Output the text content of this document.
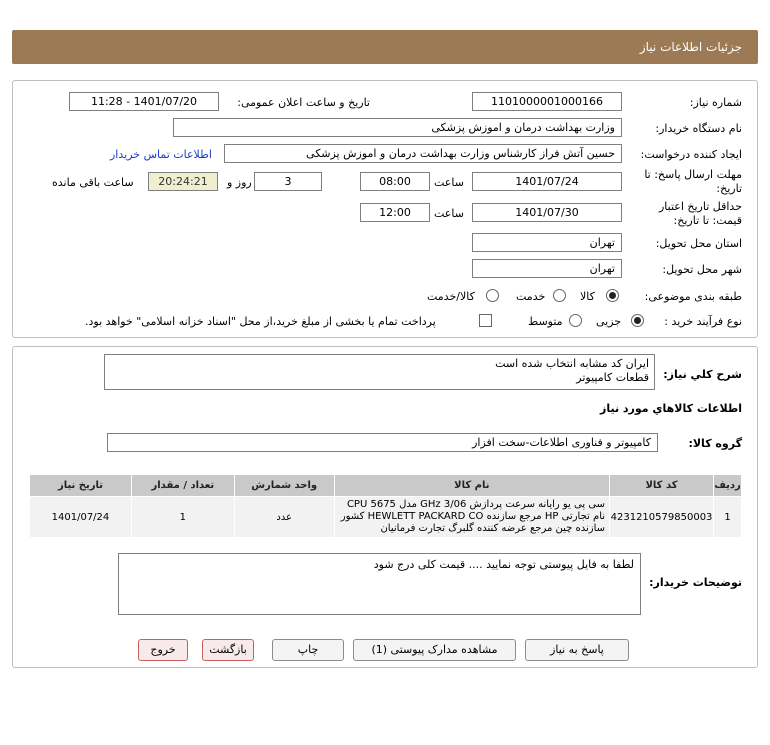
جزئیات اطلاعات نیاز
شماره نیاز:
1101000001000166
تاریخ و ساعت اعلان عمومی:
1401/07/20 - 11:28
نام دستگاه خریدار:
وزارت بهداشت درمان و اموزش پزشکی
ایجاد کننده درخواست:
حسین آتش فراز کارشناس وزارت بهداشت درمان و اموزش پزشکی
اطلاعات تماس خریدار
مهلت ارسال پاسخ: تا تاریخ:
1401/07/24
ساعت
08:00
3
روز و
20:24:21
ساعت باقی مانده
حداقل تاریخ اعتبار قیمت: تا تاریخ:
1401/07/30
ساعت
12:00
استان محل تحویل:
تهران
شهر محل تحویل:
تهران
طبقه بندی موضوعی:
کالا
خدمت
کالا/خدمت
نوع فرآیند خرید :
جزیی
متوسط
پرداخت تمام یا بخشی از مبلغ خرید،از محل "اسناد خزانه اسلامی" خواهد بود.
شرح کلي نياز:
ایران کد مشابه انتخاب شده است
قطعات کامپیوتر
اطلاعات کالاهاي مورد نياز
گروه کالا:
کامپیوتر و فناوری اطلاعات-سخت افزار
ردیف	کد کالا	نام کالا	واحد شمارش	تعداد / مقدار	تاریخ نیاز
1	4231210579850003	سی پی یو رایانه سرعت پردازش 3/06 GHz مدل CPU 5675 نام تجارتی HP مرجع سازنده HEWLETT PACKARD CO کشور سازنده چین مرجع عرضه کننده گلبرگ تجارت فرمانیان	عدد	1	1401/07/24
توضیحات خریدار:
لطفا به فایل پیوستی توجه نمایید .... قیمت کلی درج شود
پاسخ به نیاز
مشاهده مدارک پیوستی (1)
چاپ
بازگشت
خروج
